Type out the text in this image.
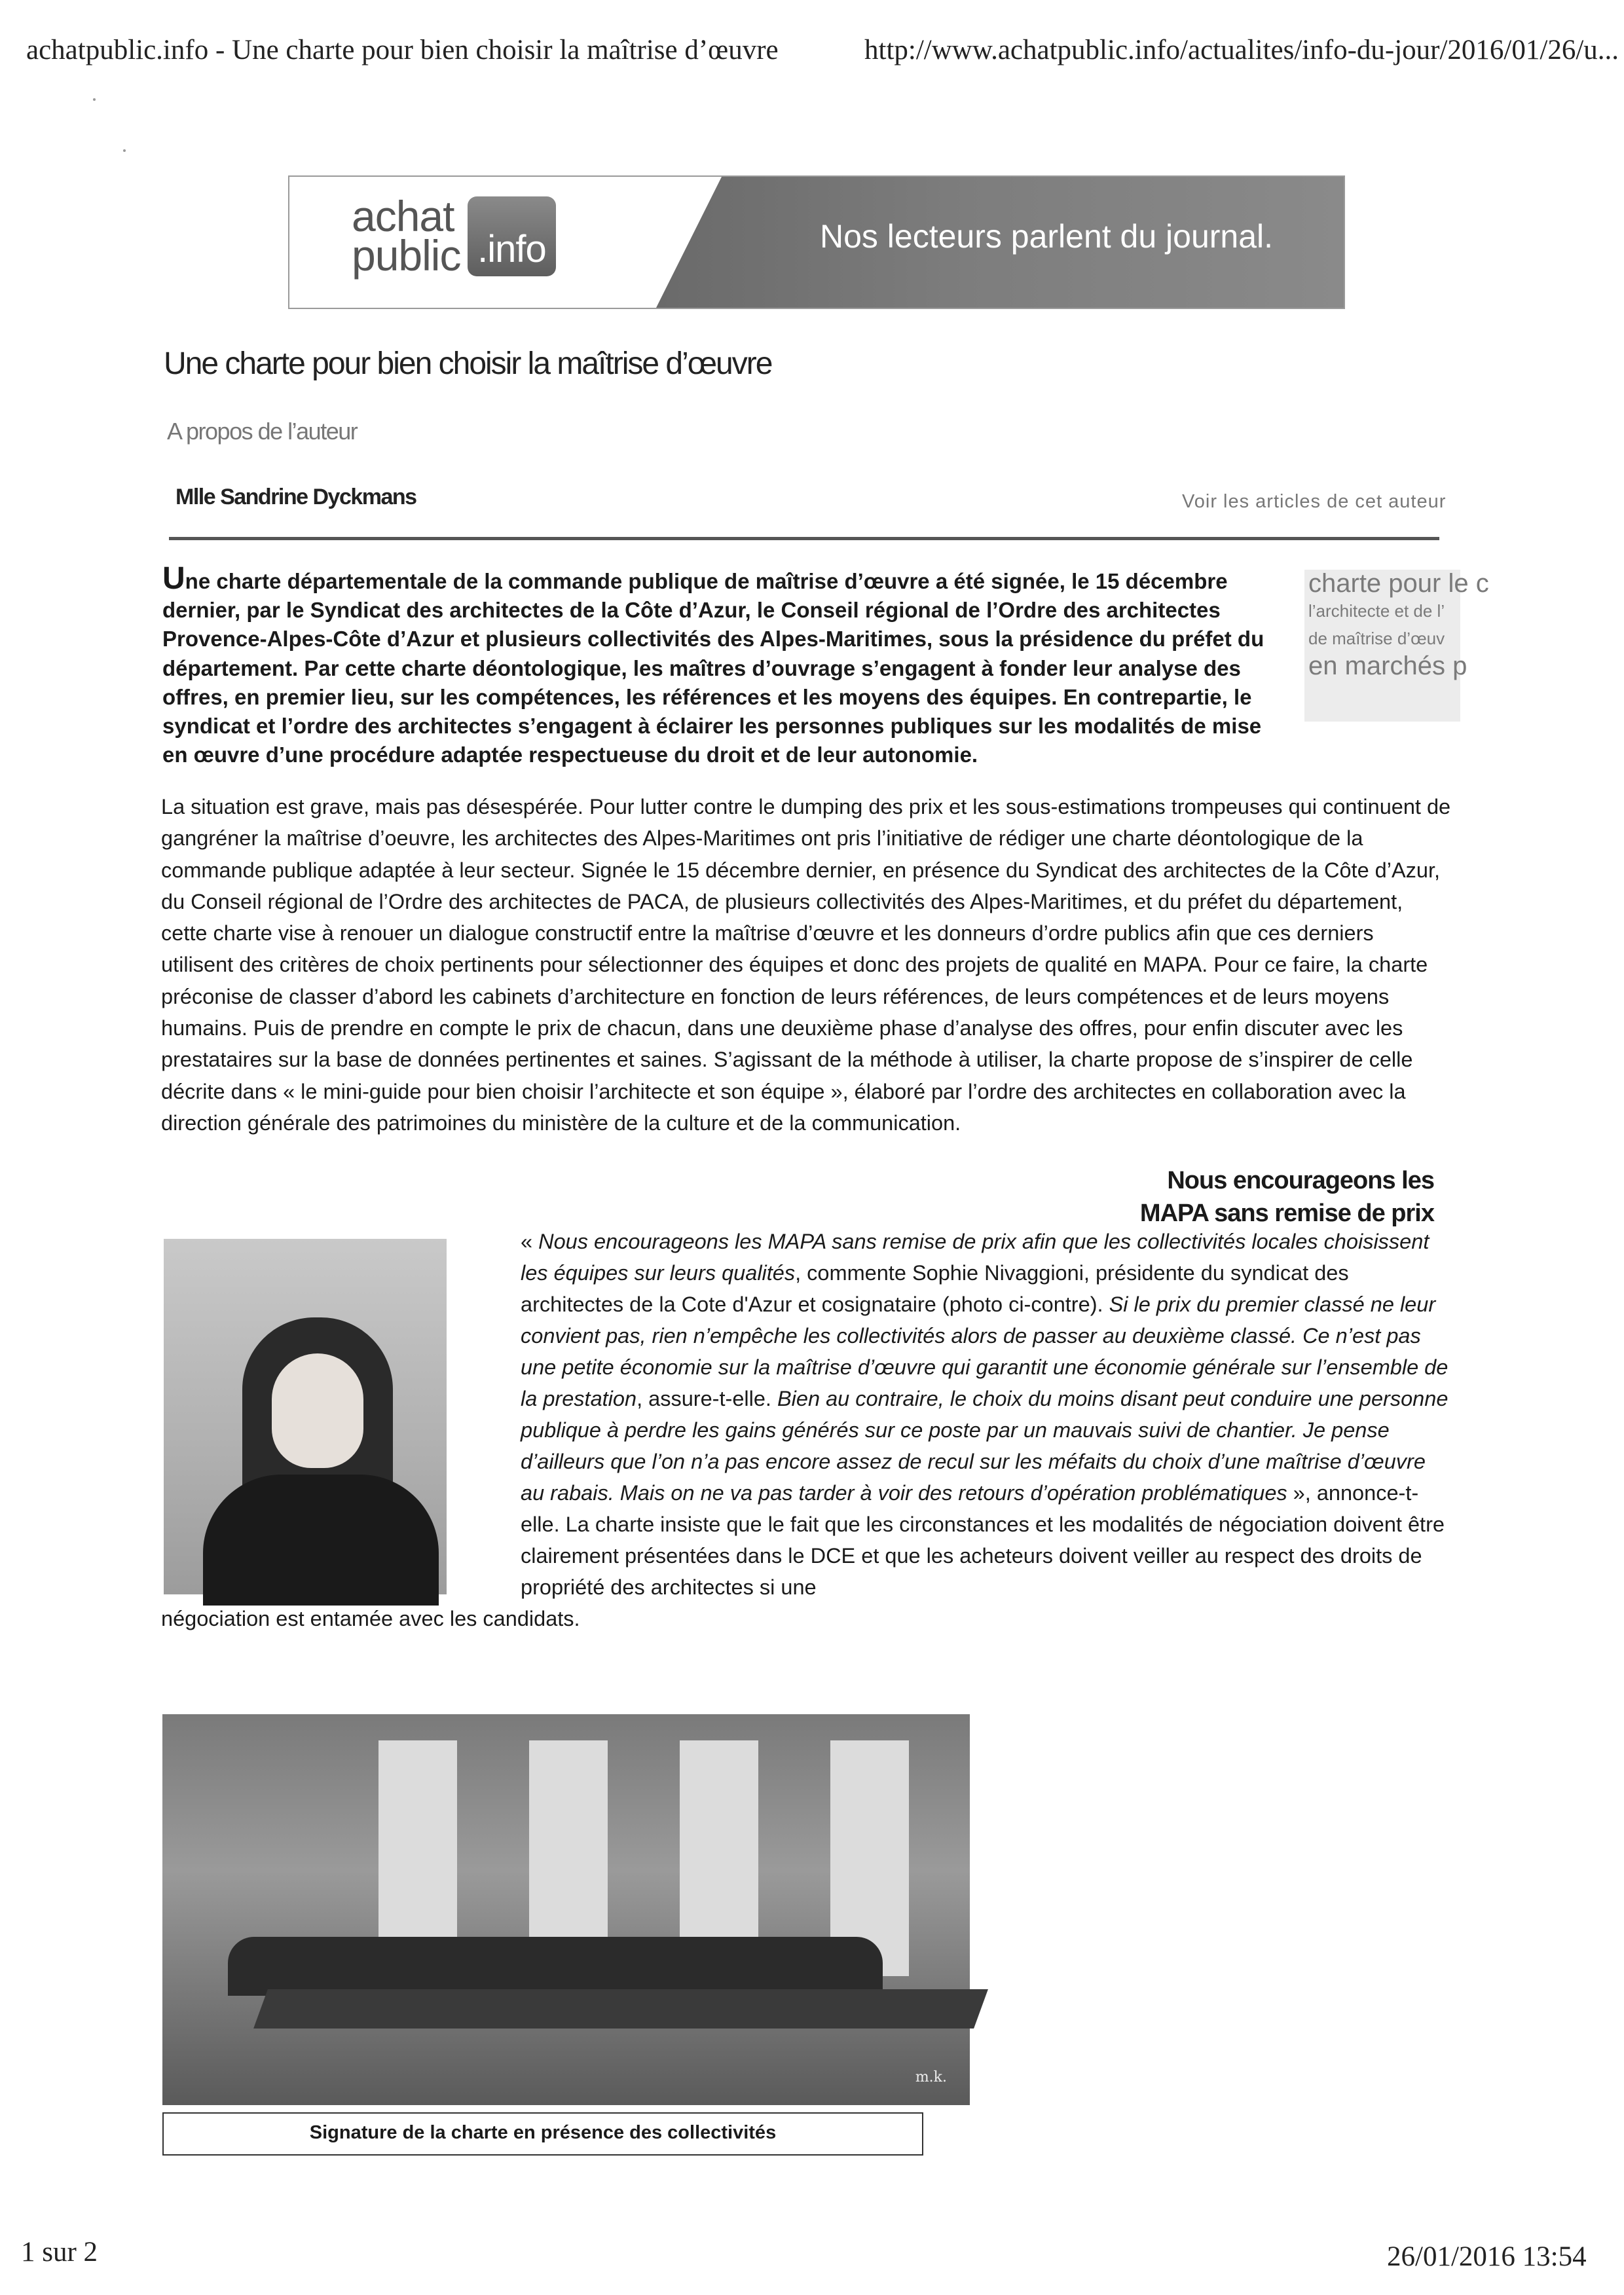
achatpublic.info - Une charte pour bien choisir la maîtrise d’œuvre	http://www.achatpublic.info/actualites/info-du-jour/2016/01/26/u...
achat
public .info	Nos lecteurs parlent du journal.
Une charte pour bien choisir la maîtrise d’œuvre
A propos de l’auteur
Mlle Sandrine Dyckmans	Voir les articles de cet auteur

Une charte départementale de la commande publique de maîtrise d’œuvre a été signée, le 15 décembre dernier, par le Syndicat des architectes de la Côte d’Azur, le Conseil régional de l’Ordre des architectes Provence-Alpes-Côte d’Azur et plusieurs collectivités des Alpes-Maritimes, sous la présidence du préfet du département. Par cette charte déontologique, les maîtres d’ouvrage s’engagent à fonder leur analyse des offres, en premier lieu, sur les compétences, les références et les moyens des équipes. En contrepartie, le syndicat et l’ordre des architectes s’engagent à éclairer les personnes publiques sur les modalités de mise en œuvre d’une procédure adaptée respectueuse du droit et de leur autonomie.

charte pour le c

l’architecte et de l’

de maîtrise d’œuv

en marchés p

La situation est grave, mais pas désespérée. Pour lutter contre le dumping des prix et les sous-estimations trompeuses qui continuent de gangréner la maîtrise d’oeuvre, les architectes des Alpes-Maritimes ont pris l’initiative de rédiger une charte déontologique de la commande publique adaptée à leur secteur. Signée le 15 décembre dernier, en présence du Syndicat des architectes de la Côte d’Azur, du Conseil régional de l’Ordre des architectes de PACA, de plusieurs collectivités des Alpes-Maritimes, et du préfet du département, cette charte vise à renouer un dialogue constructif entre la maîtrise d’œuvre et les donneurs d’ordre publics afin que ces derniers utilisent des critères de choix pertinents pour sélectionner des équipes et donc des projets de qualité en MAPA. Pour ce faire, la charte préconise de classer d’abord les cabinets d’architecture en fonction de leurs références, de leurs compétences et de leurs moyens humains. Puis de prendre en compte le prix de chacun, dans une deuxième phase d’analyse des offres, pour enfin discuter avec les prestataires sur la base de données pertinentes et saines. S’agissant de la méthode à utiliser, la charte propose de s’inspirer de celle décrite dans « le mini-guide pour bien choisir l’architecte et son équipe », élaboré par l’ordre des architectes en collaboration avec la direction générale des patrimoines du ministère de la culture et de la communication.

Nous encourageons les MAPA sans remise de prix

« Nous encourageons les MAPA sans remise de prix afin que les collectivités locales choisissent les équipes sur leurs qualités, commente Sophie Nivaggioni, présidente du syndicat des architectes de la Cote d'Azur et cosignataire (photo ci-contre). Si le prix du premier classé ne leur convient pas, rien n’empêche les collectivités alors de passer au deuxième classé. Ce n’est pas une petite économie sur la maîtrise d’œuvre qui garantit une économie générale sur l’ensemble de la prestation, assure-t-elle. Bien au contraire, le choix du moins disant peut conduire une personne publique à perdre les gains générés sur ce poste par un mauvais suivi de chantier. Je pense d’ailleurs que l’on n’a pas encore assez de recul sur les méfaits du choix d’une maîtrise d’œuvre au rabais. Mais on ne va pas tarder à voir des retours d’opération problématiques », annonce-t-elle. La charte insiste que le fait que les circonstances et les modalités de négociation doivent être clairement présentées dans le DCE et que les acheteurs doivent veiller au respect des droits de propriété des architectes si une

négociation est entamée avec les candidats.

m.k.
Signature de la charte en présence des collectivités
1 sur 2	26/01/2016 13:54
